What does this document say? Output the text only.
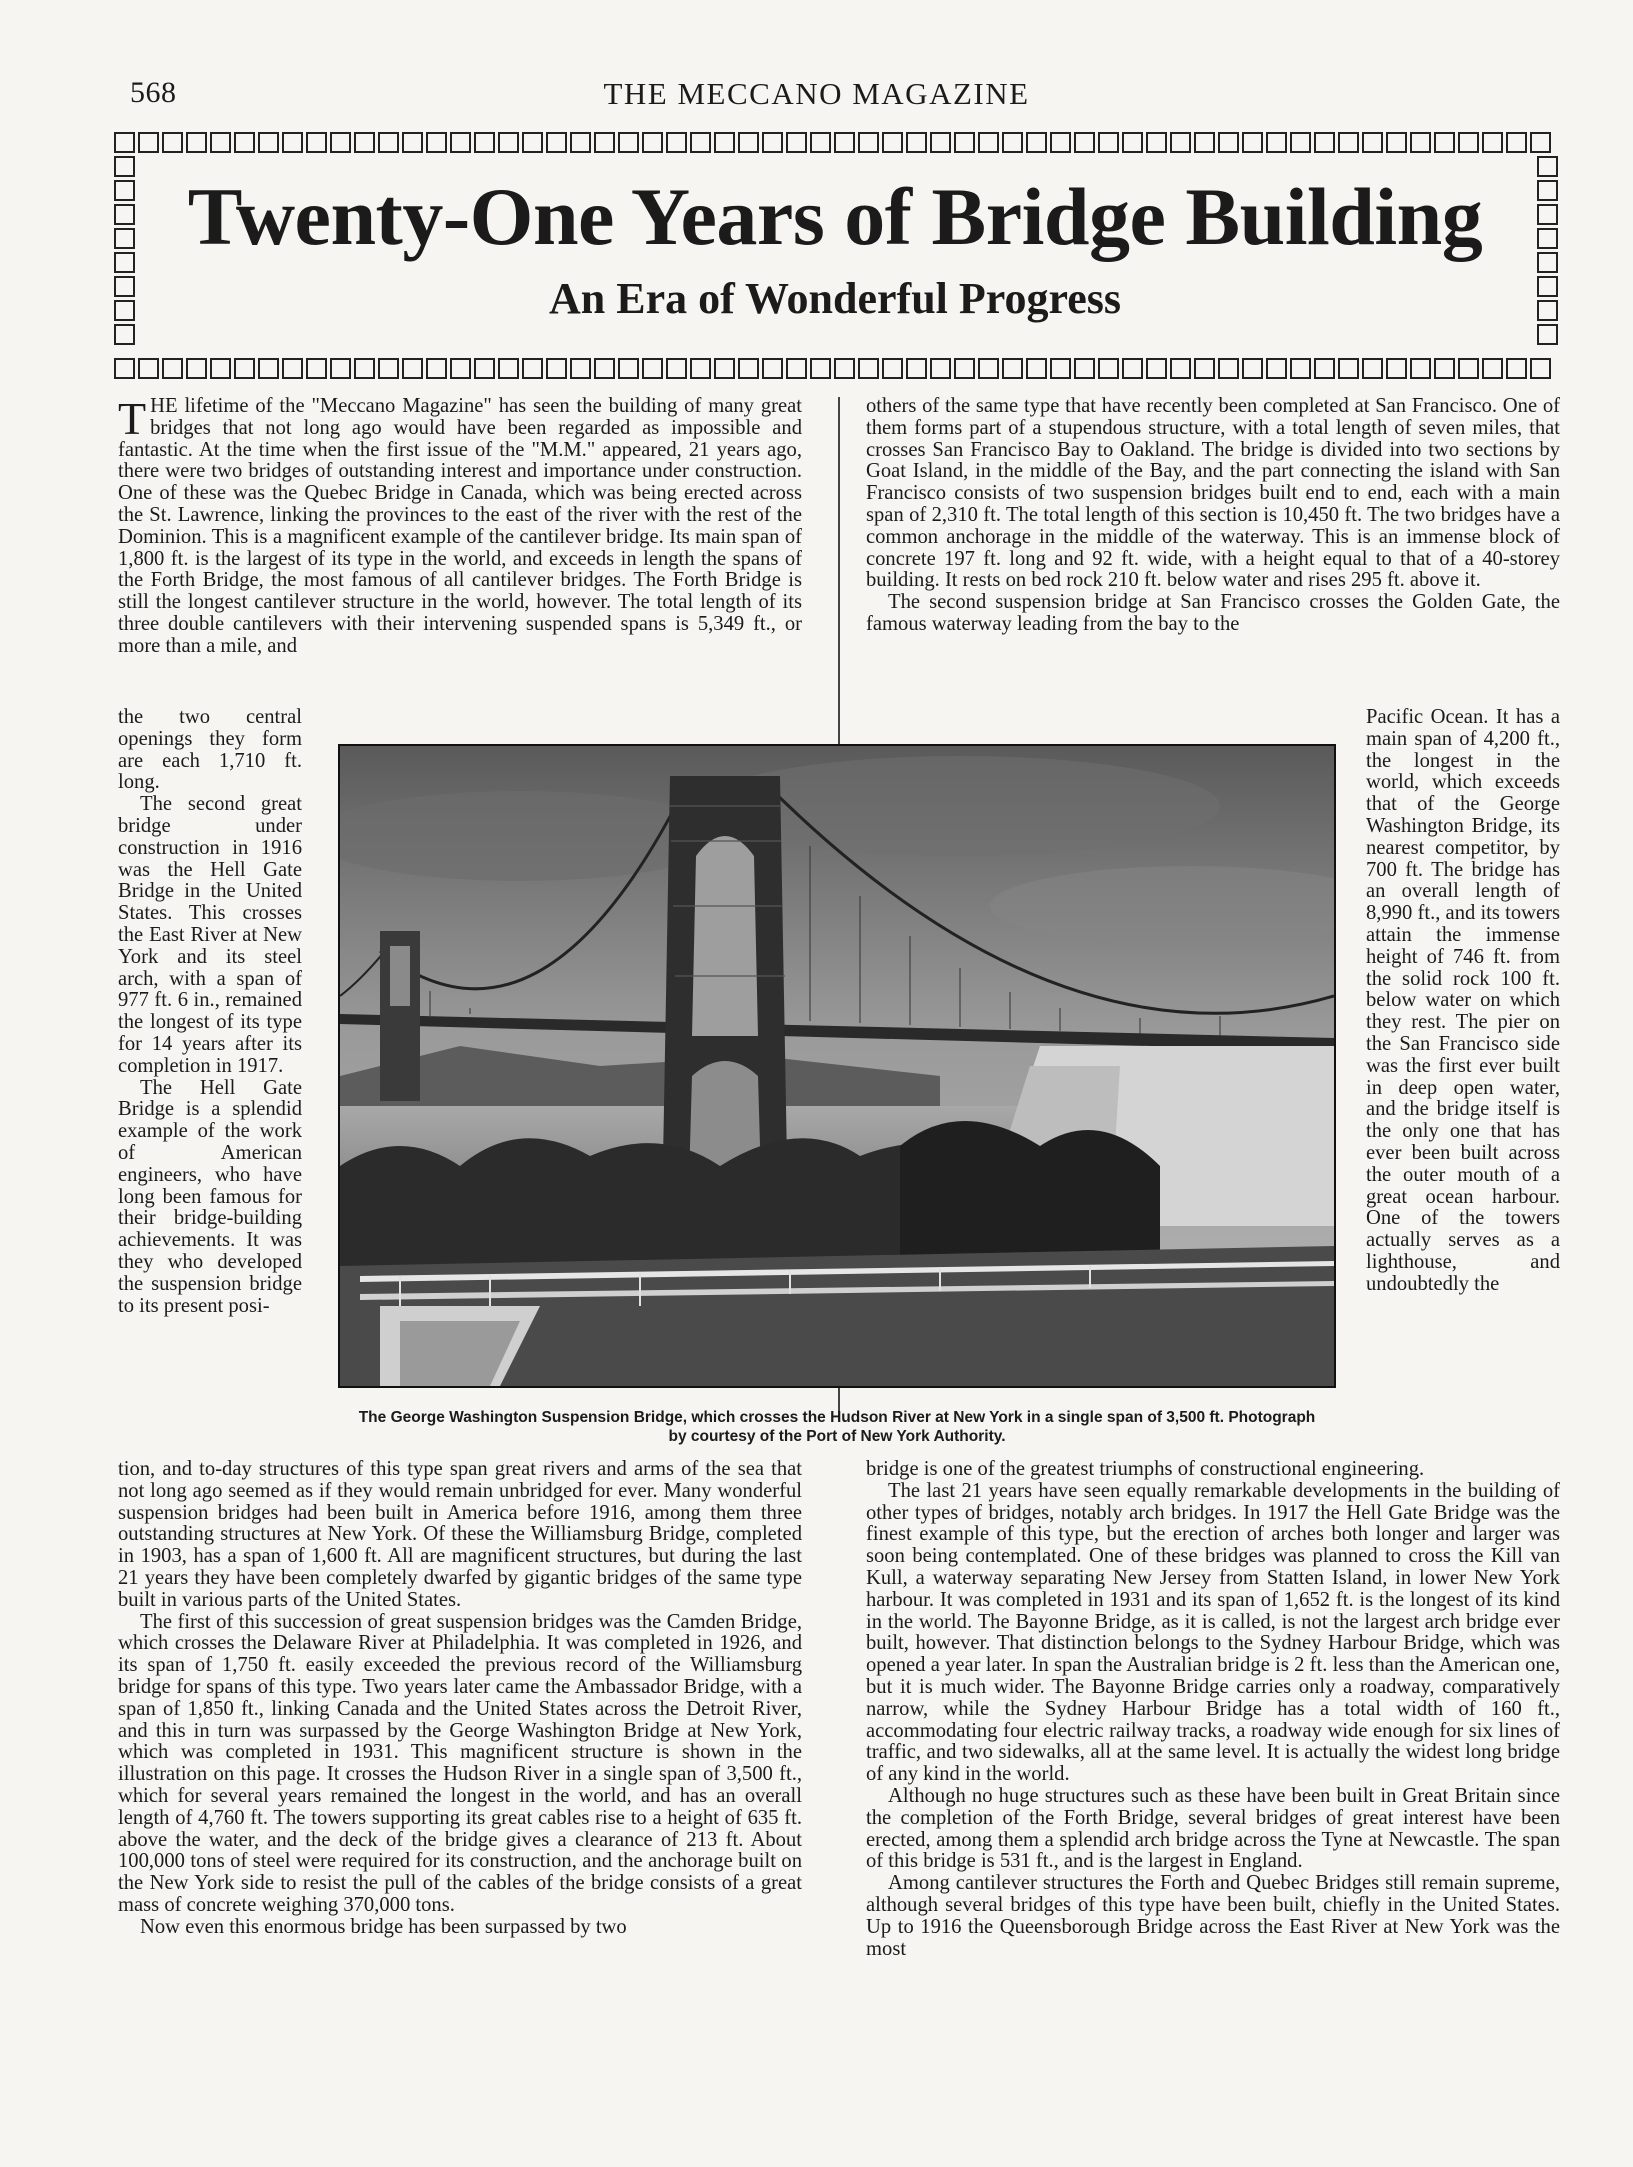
568	THE MECCANO MAGAZINE
Twenty-One Years of Bridge Building
An Era of Wonderful Progress

THE lifetime of the "Meccano Magazine" has seen the building of many great bridges that not long ago would have been regarded as impossible and fantastic. At the time when the first issue of the "M.M." appeared, 21 years ago, there were two bridges of outstanding interest and importance under construction. One of these was the Quebec Bridge in Canada, which was being erected across the St. Lawrence, linking the provinces to the east of the river with the rest of the Dominion. This is a magnificent example of the cantilever bridge. Its main span of 1,800 ft. is the largest of its type in the world, and exceeds in length the spans of the Forth Bridge, the most famous of all cantilever bridges. The Forth Bridge is still the longest cantilever structure in the world, however. The total length of its three double cantilevers with their intervening suspended spans is 5,349 ft., or more than a mile, and

the two central openings they form are each 1,710 ft. long.

The second great bridge under construction in 1916 was the Hell Gate Bridge in the United States. This crosses the East River at New York and its steel arch, with a span of 977 ft. 6 in., remained the longest of its type for 14 years after its completion in 1917.

The Hell Gate Bridge is a splendid example of the work of American engineers, who have long been famous for their bridge-building achievements. It was they who developed the suspension bridge to its present posi-

tion, and to-day structures of this type span great rivers and arms of the sea that not long ago seemed as if they would remain unbridged for ever. Many wonderful suspension bridges had been built in America before 1916, among them three outstanding structures at New York. Of these the Williamsburg Bridge, completed in 1903, has a span of 1,600 ft. All are magnificent structures, but during the last 21 years they have been completely dwarfed by gigantic bridges of the same type built in various parts of the United States.

The first of this succession of great suspension bridges was the Camden Bridge, which crosses the Delaware River at Philadelphia. It was completed in 1926, and its span of 1,750 ft. easily exceeded the previous record of the Williamsburg bridge for spans of this type. Two years later came the Ambassador Bridge, with a span of 1,850 ft., linking Canada and the United States across the Detroit River, and this in turn was surpassed by the George Washington Bridge at New York, which was completed in 1931. This magnificent structure is shown in the illustration on this page. It crosses the Hudson River in a single span of 3,500 ft., which for several years remained the longest in the world, and has an overall length of 4,760 ft. The towers supporting its great cables rise to a height of 635 ft. above the water, and the deck of the bridge gives a clearance of 213 ft. About 100,000 tons of steel were required for its construction, and the anchorage built on the New York side to resist the pull of the cables of the bridge consists of a great mass of concrete weighing 370,000 tons.

Now even this enormous bridge has been surpassed by two

others of the same type that have recently been completed at San Francisco. One of them forms part of a stupendous structure, with a total length of seven miles, that crosses San Francisco Bay to Oakland. The bridge is divided into two sections by Goat Island, in the middle of the Bay, and the part connecting the island with San Francisco consists of two suspension bridges built end to end, each with a main span of 2,310 ft. The total length of this section is 10,450 ft. The two bridges have a common anchorage in the middle of the waterway. This is an immense block of concrete 197 ft. long and 92 ft. wide, with a height equal to that of a 40-storey building. It rests on bed rock 210 ft. below water and rises 295 ft. above it.

The second suspension bridge at San Francisco crosses the Golden Gate, the famous waterway leading from the bay to the

Pacific Ocean. It has a main span of 4,200 ft., the longest in the world, which exceeds that of the George Washington Bridge, its nearest competitor, by 700 ft. The bridge has an overall length of 8,990 ft., and its towers attain the immense height of 746 ft. from the solid rock 100 ft. below water on which they rest. The pier on the San Francisco side was the first ever built in deep open water, and the bridge itself is the only one that has ever been built across the outer mouth of a great ocean harbour. One of the towers actually serves as a lighthouse, and undoubtedly the

bridge is one of the greatest triumphs of constructional engineering.

The last 21 years have seen equally remarkable developments in the building of other types of bridges, notably arch bridges. In 1917 the Hell Gate Bridge was the finest example of this type, but the erection of arches both longer and larger was soon being contemplated. One of these bridges was planned to cross the Kill van Kull, a waterway separating New Jersey from Statten Island, in lower New York harbour. It was completed in 1931 and its span of 1,652 ft. is the longest of its kind in the world. The Bayonne Bridge, as it is called, is not the largest arch bridge ever built, however. That distinction belongs to the Sydney Harbour Bridge, which was opened a year later. In span the Australian bridge is 2 ft. less than the American one, but it is much wider. The Bayonne Bridge carries only a roadway, comparatively narrow, while the Sydney Harbour Bridge has a total width of 160 ft., accommodating four electric railway tracks, a roadway wide enough for six lines of traffic, and two sidewalks, all at the same level. It is actually the widest long bridge of any kind in the world.

Although no huge structures such as these have been built in Great Britain since the completion of the Forth Bridge, several bridges of great interest have been erected, among them a splendid arch bridge across the Tyne at Newcastle. The span of this bridge is 531 ft., and is the largest in England.

Among cantilever structures the Forth and Quebec Bridges still remain supreme, although several bridges of this type have been built, chiefly in the United States. Up to 1916 the Queensborough Bridge across the East River at New York was the most

The George Washington Suspension Bridge, which crosses the Hudson River at New York in a single span of 3,500 ft. Photograph
by courtesy of the Port of New York Authority.
